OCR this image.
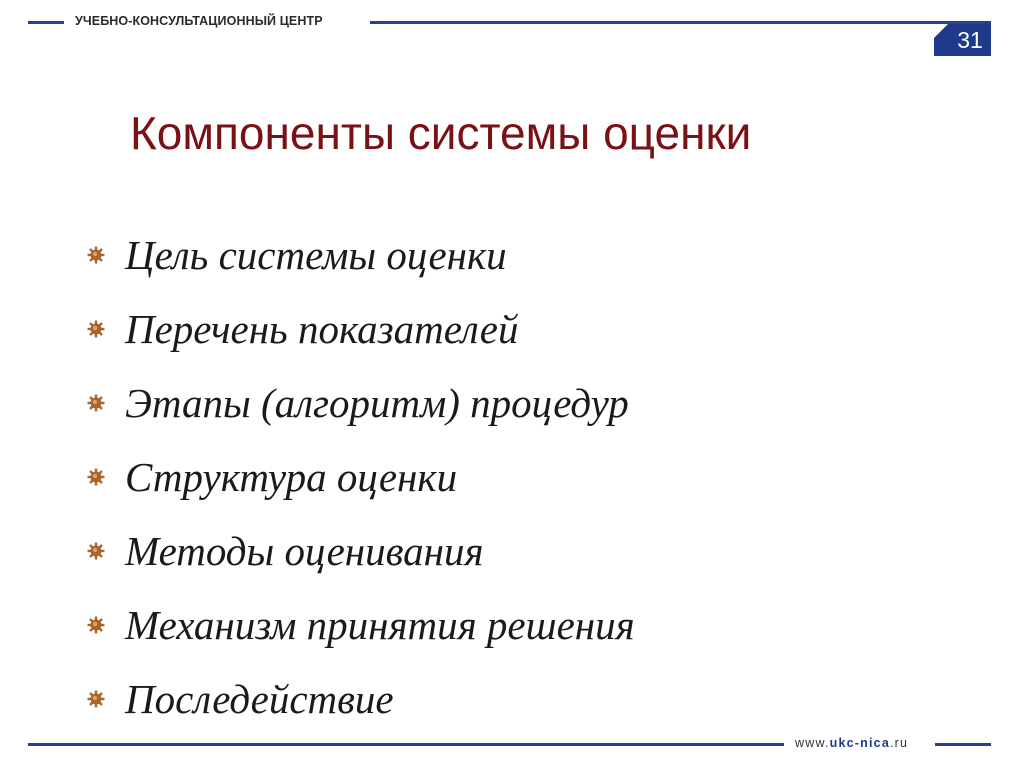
УЧЕБНО-КОНСУЛЬТАЦИОННЫЙ ЦЕНТР
31
Компоненты системы оценки
Цель системы оценки
Перечень показателей
Этапы (алгоритм) процедур
Структура оценки
Методы оценивания
Механизм принятия решения
Последействие
www.ukc-nica.ru
